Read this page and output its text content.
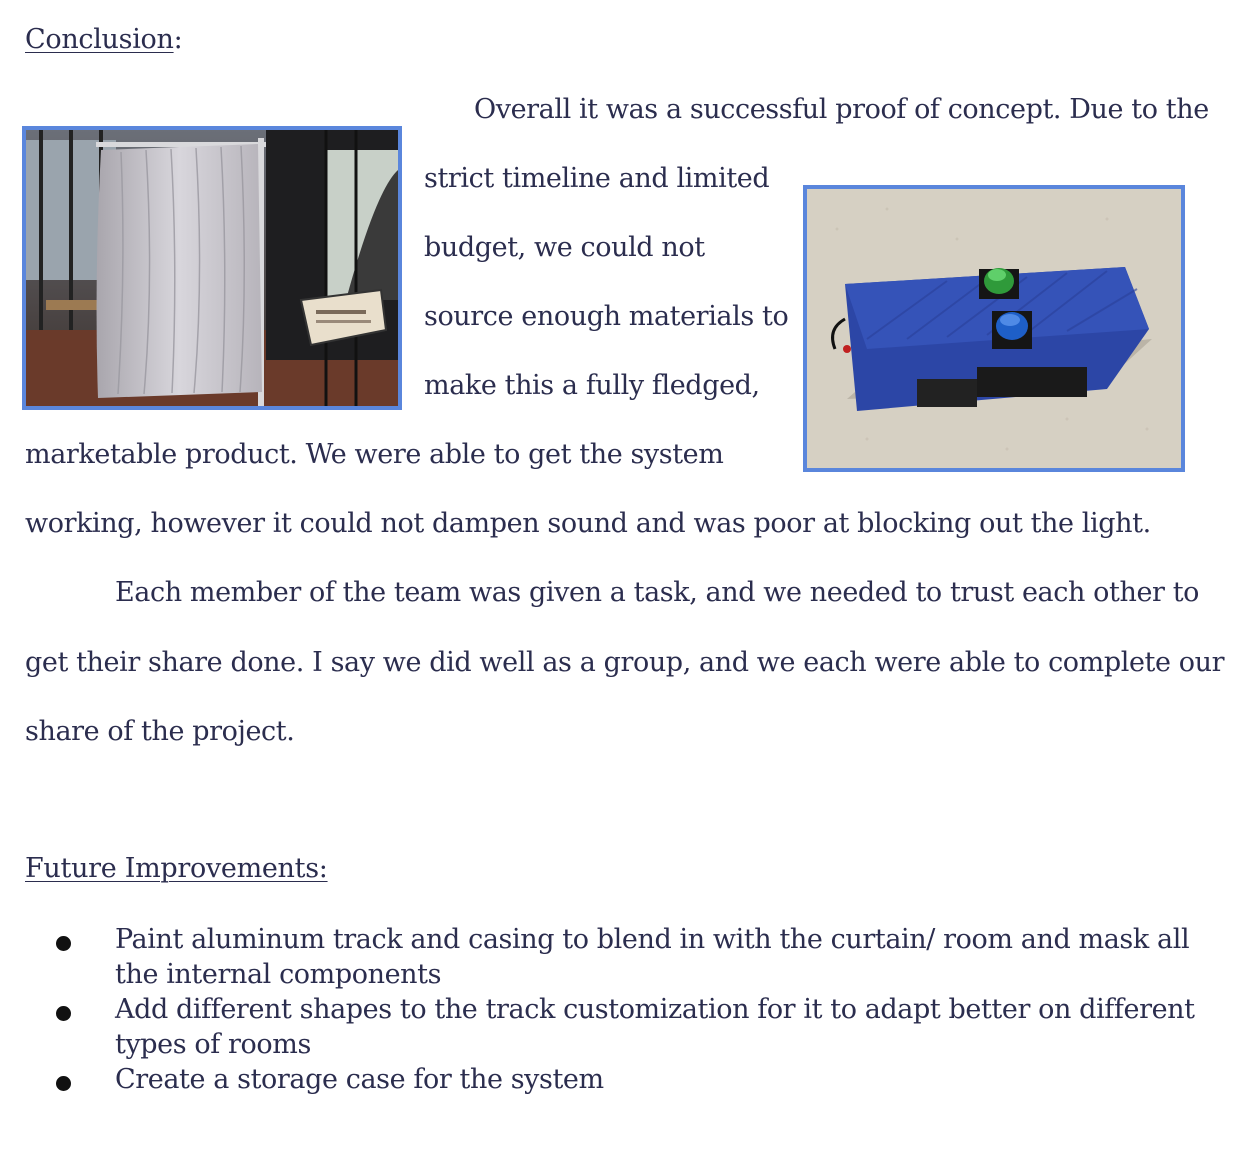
Conclusion:
Overall it was a successful proof of concept. Due to the
strict timeline and limited
budget, we could not
source enough materials to
make this a fully fledged,
marketable product. We were able to get the system
working, however it could not dampen sound and was poor at blocking out the light.
Each member of the team was given a task, and we needed to trust each other to
get their share done. I say we did well as a group, and we each were able to complete our
share of the project.
Future Improvements:
Paint aluminum track and casing to blend in with the curtain/ room and mask all the internal components
Add different shapes to the track customization for it to adapt better on different types of rooms
Create a storage case for the system
